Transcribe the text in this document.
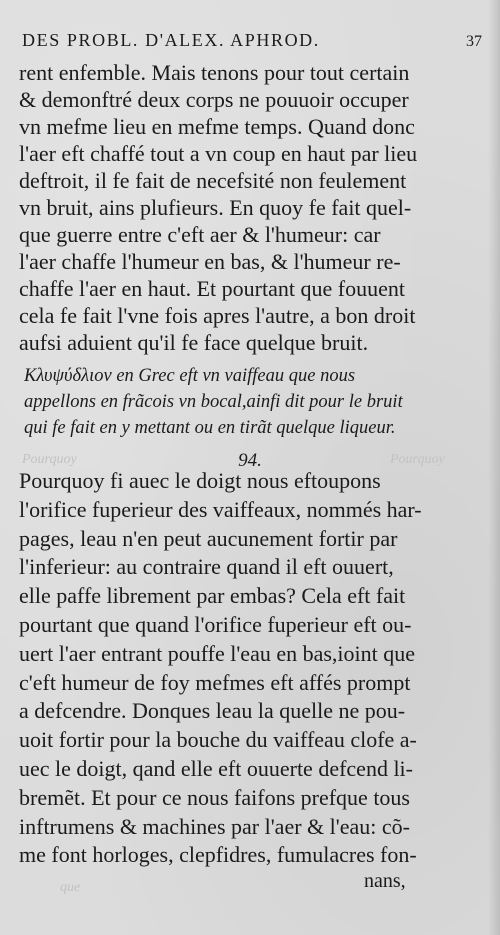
DES PROBL. D'ALEX. APHROD.	37
rent enfemble. Mais tenons pour tout certain
& demonftré deux corps ne pouuoir occuper
vn mefme lieu en mefme temps. Quand donc
l'aer eft chaffé tout a vn coup en haut par lieu
deftroit, il fe fait de necefsité non feulement
vn bruit, ains plufieurs. En quoy fe fait quel-
que guerre entre c'eft aer & l'humeur: car
l'aer chaffe l'humeur en bas, & l'humeur re-
chaffe l'aer en haut. Et pourtant que fouuent
cela fe fait l'vne fois apres l'autre, a bon droit
aufsi aduient qu'il fe face quelque bruit.
Κλυψύδλιον en Grec eft vn vaiffeau que nous
appellons en frãcois vn bocal,ainfi dit pour le bruit
qui fe fait en y mettant ou en tirãt quelque liqueur.
94.
Pourquoy	Pourquoy
que
Pourquoy fi auec le doigt nous eftoupons
l'orifice fuperieur des vaiffeaux, nommés har-
pages, leau n'en peut aucunement fortir par
l'inferieur: au contraire quand il eft ouuert,
elle paffe librement par embas? Cela eft fait
pourtant que quand l'orifice fuperieur eft ou-
uert l'aer entrant pouffe l'eau en bas,ioint que
c'eft humeur de foy mefmes eft affés prompt
a defcendre. Donques leau la quelle ne pou-
uoit fortir pour la bouche du vaiffeau clofe a-
uec le doigt, qand elle eft ouuerte defcend li-
bremẽt. Et pour ce nous faifons prefque tous
inftrumens & machines par l'aer & l'eau: cõ-
me font horloges, clepfidres, fumulacres fon-
nans,
